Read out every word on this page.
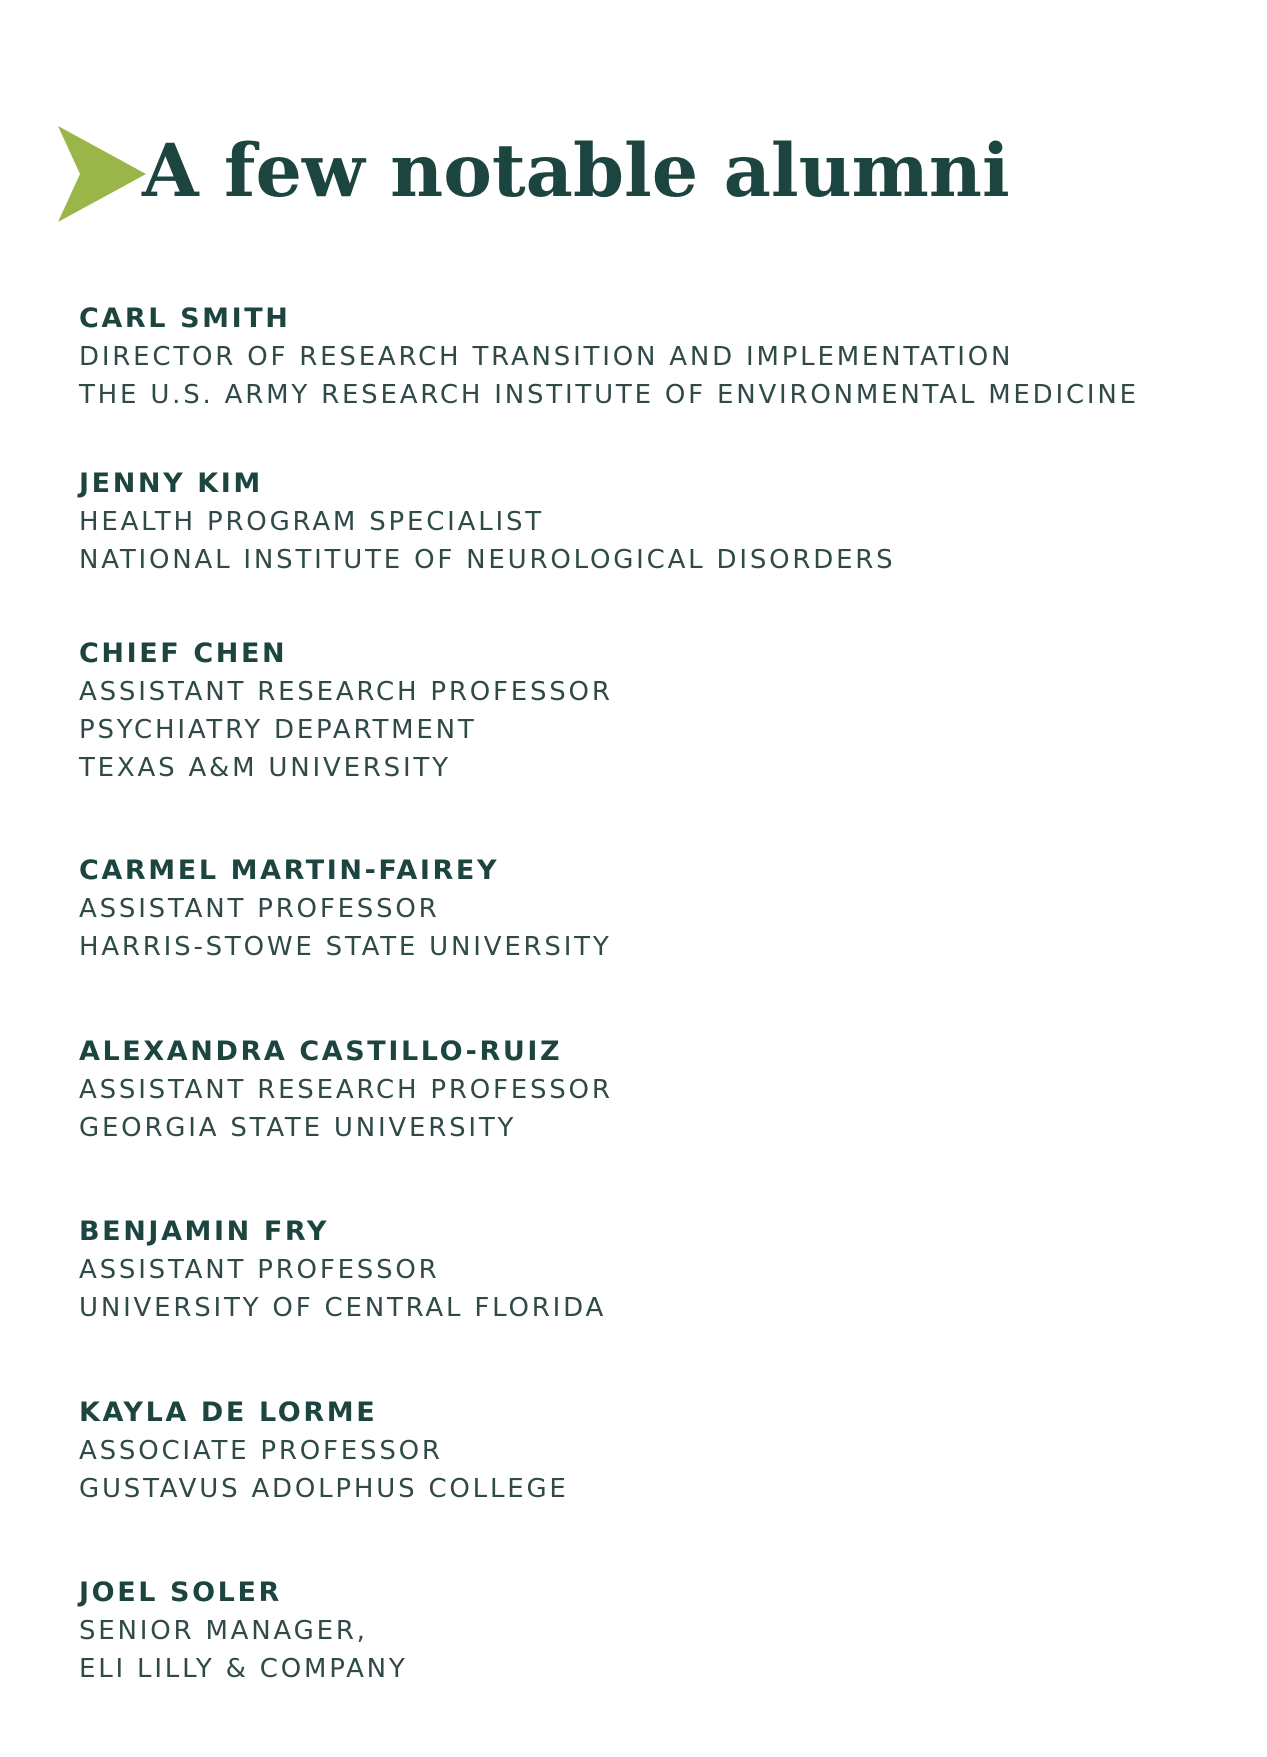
A few notable alumni
CARL SMITH
DIRECTOR OF RESEARCH TRANSITION AND IMPLEMENTATION
THE U.S. ARMY RESEARCH INSTITUTE OF ENVIRONMENTAL MEDICINE
JENNY KIM
HEALTH PROGRAM SPECIALIST
NATIONAL INSTITUTE OF NEUROLOGICAL DISORDERS
CHIEF CHEN
ASSISTANT RESEARCH PROFESSOR
PSYCHIATRY DEPARTMENT
TEXAS A&M UNIVERSITY
CARMEL MARTIN-FAIREY
ASSISTANT PROFESSOR
HARRIS-STOWE STATE UNIVERSITY
ALEXANDRA CASTILLO-RUIZ
ASSISTANT RESEARCH PROFESSOR
GEORGIA STATE UNIVERSITY
BENJAMIN FRY
ASSISTANT PROFESSOR
UNIVERSITY OF CENTRAL FLORIDA
KAYLA DE LORME
ASSOCIATE PROFESSOR
GUSTAVUS ADOLPHUS COLLEGE
JOEL SOLER
SENIOR MANAGER,
ELI LILLY & COMPANY
